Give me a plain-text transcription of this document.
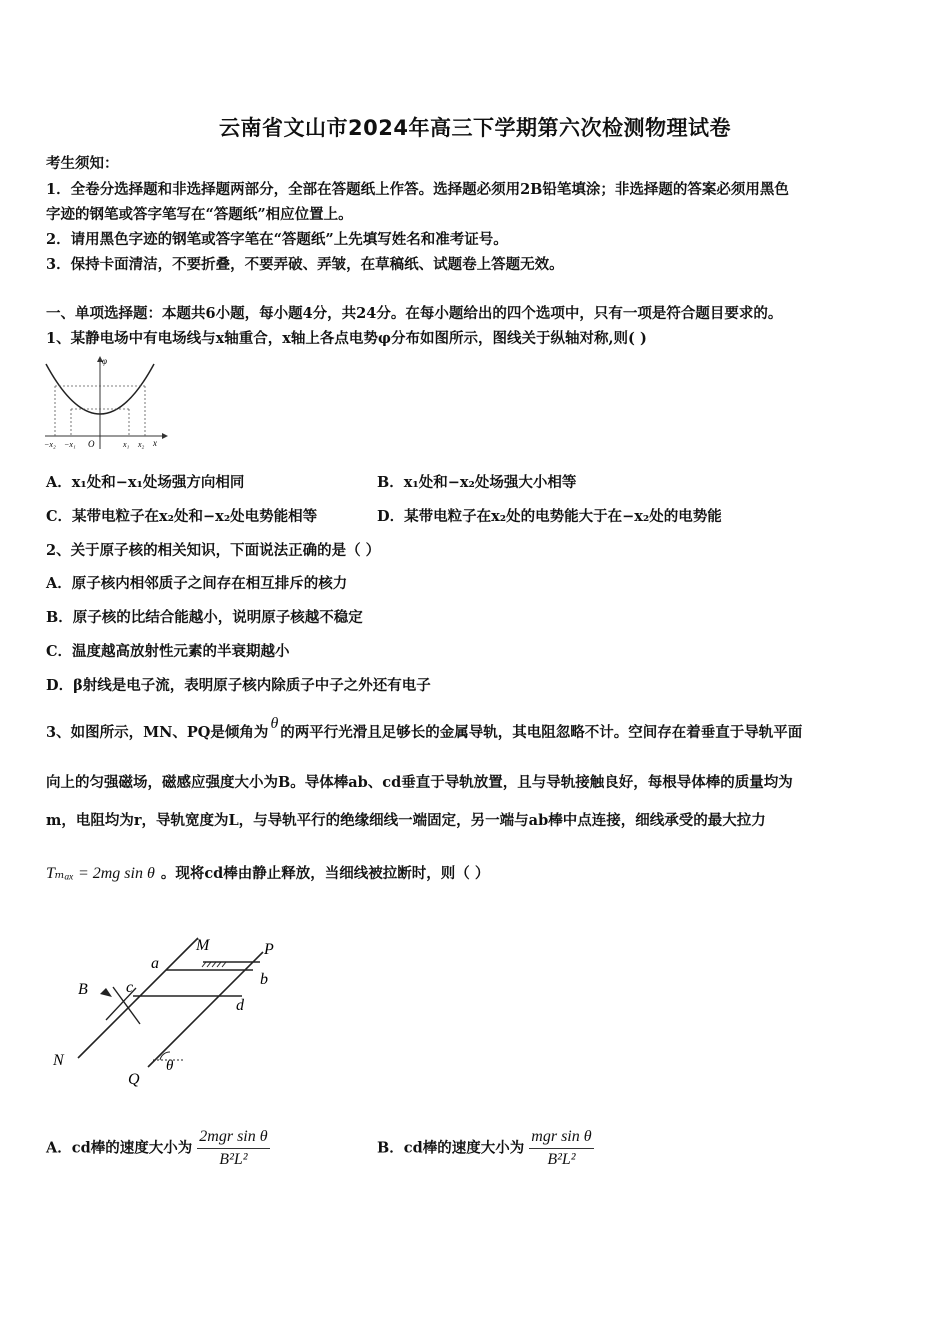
云南省文山市2024年高三下学期第六次检测物理试卷
考生须知：
1．全卷分选择题和非选择题两部分，全部在答题纸上作答。选择题必须用2B铅笔填涂；非选择题的答案必须用黑色
字迹的钢笔或答字笔写在“答题纸”相应位置上。
2．请用黑色字迹的钢笔或答字笔在“答题纸”上先填写姓名和准考证号。
3．保持卡面清洁，不要折叠，不要弄破、弄皱，在草稿纸、试题卷上答题无效。
一、单项选择题：本题共6小题，每小题4分，共24分。在每小题给出的四个选项中，只有一项是符合题目要求的。
1、某静电场中有电场线与x轴重合，x轴上各点电势φ分布如图所示，图线关于纵轴对称,则( )
φ
x
O
−x₂ −x₁	x₁ x₂
A．x₁处和−x₁处场强方向相同	B．x₁处和−x₂处场强大小相等
C．某带电粒子在x₂处和−x₂处电势能相等	D．某带电粒子在x₂处的电势能大于在−x₂处的电势能
2、关于原子核的相关知识，下面说法正确的是（ ）
A．原子核内相邻质子之间存在相互排斥的核力
B．原子核的比结合能越小，说明原子核越不稳定
C．温度越高放射性元素的半衰期越小
D．β射线是电子流，表明原子核内除质子中子之外还有电子
3、如图所示，MN、PQ是倾角为θ的两平行光滑且足够长的金属导轨，其电阻忽略不计。空间存在着垂直于导轨平面
向上的匀强磁场，磁感应强度大小为B。导体棒ab、cd垂直于导轨放置，且与导轨接触良好，每根导体棒的质量均为
m，电阻均为r，导轨宽度为L，与导轨平行的绝缘细线一端固定，另一端与ab棒中点连接，细线承受的最大拉力
Tₘₐₓ = 2mg sin θ 。现将cd棒由静止释放，当细线被拉断时，则（ ）
M	P
a
b
B c
d
N
Q
θ
A．cd棒的速度大小为 $\frac{\text{2mgr sin θ}}{\text{B²L²}}$	B．cd棒的速度大小为 $\frac{\text{mgr sin θ}}{\text{B²L²}}$
